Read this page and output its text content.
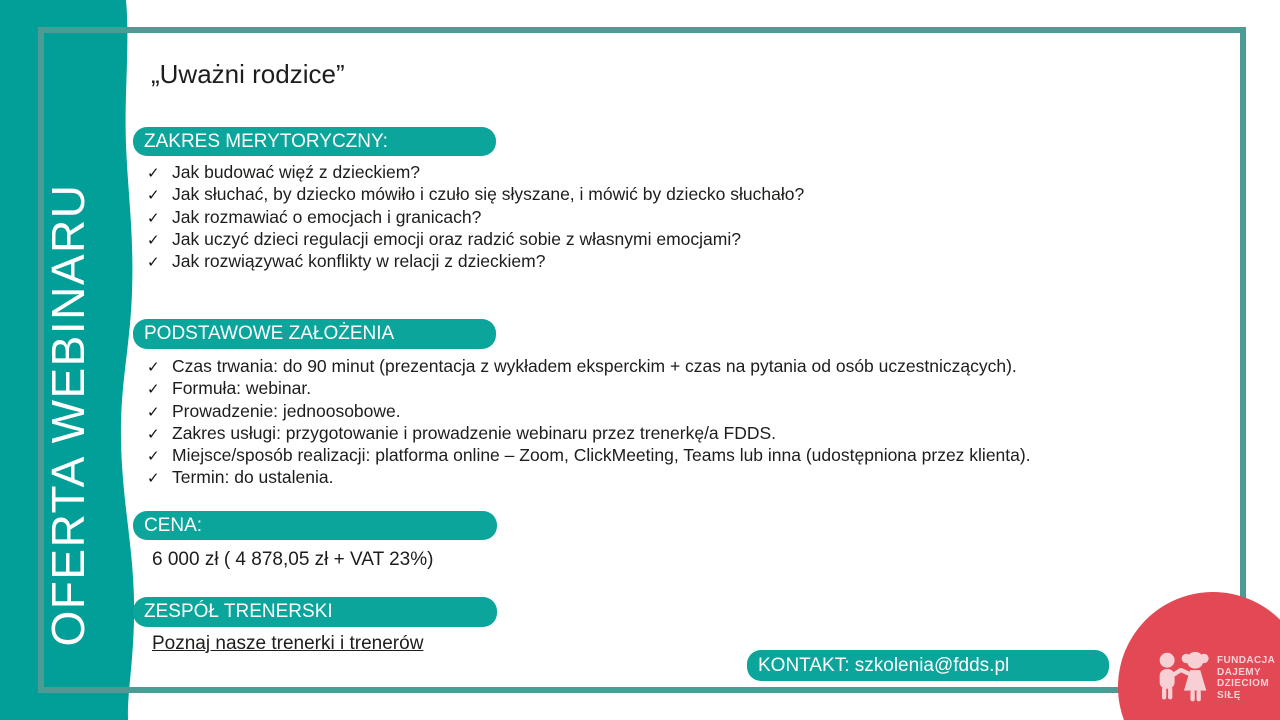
OFERTA WEBINARU
„Uważni rodzice”
ZAKRES MERYTORYCZNY:
✓ Jak budować więź z dzieckiem?
✓ Jak słuchać, by dziecko mówiło i czuło się słyszane, i mówić by dziecko słuchało?
✓ Jak rozmawiać o emocjach i granicach?
✓ Jak uczyć dzieci regulacji emocji oraz radzić sobie z własnymi emocjami?
✓ Jak rozwiązywać konflikty w relacji z dzieckiem?
PODSTAWOWE ZAŁOŻENIA
✓ Czas trwania: do 90 minut (prezentacja z wykładem eksperckim + czas na pytania od osób uczestniczących).
✓ Formuła: webinar.
✓ Prowadzenie: jednoosobowe.
✓ Zakres usługi: przygotowanie i prowadzenie webinaru przez trenerkę/a FDDS.
✓ Miejsce/sposób realizacji: platforma online – Zoom, ClickMeeting, Teams lub inna (udostępniona przez klienta).
✓ Termin: do ustalenia.
CENA:
6 000 zł ( 4 878,05 zł + VAT 23%)
ZESPÓŁ TRENERSKI
Poznaj nasze trenerki i trenerów
KONTAKT: szkolenia@fdds.pl	FUNDACJA
DAJEMY
DZIECIOM
SIŁĘ
